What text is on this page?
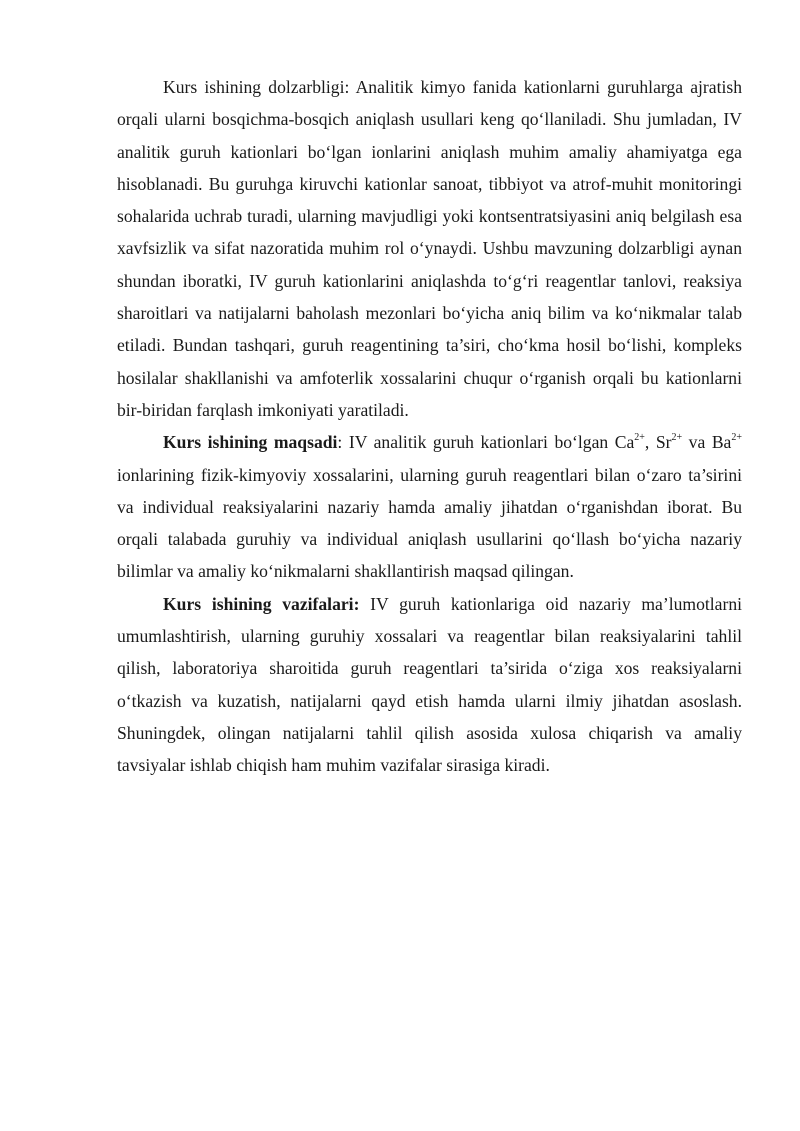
Kurs ishining dolzarbligi: Analitik kimyo fanida kationlarni guruhlarga ajratish orqali ularni bosqichma-bosqich aniqlash usullari keng qo‘llaniladi. Shu jumladan, IV analitik guruh kationlari bo‘lgan ionlarini aniqlash muhim amaliy ahamiyatga ega hisoblanadi. Bu guruhga kiruvchi kationlar sanoat, tibbiyot va atrof-muhit monitoringi sohalarida uchrab turadi, ularning mavjudligi yoki kontsentratsiyasini aniq belgilash esa xavfsizlik va sifat nazoratida muhim rol o‘ynaydi. Ushbu mavzuning dolzarbligi aynan shundan iboratki, IV guruh kationlarini aniqlashda to‘g‘ri reagentlar tanlovi, reaksiya sharoitlari va natijalarni baholash mezonlari bo‘yicha aniq bilim va ko‘nikmalar talab etiladi. Bundan tashqari, guruh reagentining ta’siri, cho‘kma hosil bo‘lishi, kompleks hosilalar shakllanishi va amfoterlik xossalarini chuqur o‘rganish orqali bu kationlarni bir-biridan farqlash imkoniyati yaratiladi.

Kurs ishining maqsadi: IV analitik guruh kationlari bo‘lgan $Ca^{2+}$, $Sr^{2+}$ va $Ba^{2+}$ ionlarining fizik-kimyoviy xossalarini, ularning guruh reagentlari bilan o‘zaro ta’sirini va individual reaksiyalarini nazariy hamda amaliy jihatdan o‘rganishdan iborat. Bu orqali talabada guruhiy va individual aniqlash usullarini qo‘llash bo‘yicha nazariy bilimlar va amaliy ko‘nikmalarni shakllantirish maqsad qilingan.

Kurs ishining vazifalari: IV guruh kationlariga oid nazariy ma’lumotlarni umumlashtirish, ularning guruhiy xossalari va reagentlar bilan reaksiyalarini tahlil qilish, laboratoriya sharoitida guruh reagentlari ta’sirida o‘ziga xos reaksiyalarni o‘tkazish va kuzatish, natijalarni qayd etish hamda ularni ilmiy jihatdan asoslash. Shuningdek, olingan natijalarni tahlil qilish asosida xulosa chiqarish va amaliy tavsiyalar ishlab chiqish ham muhim vazifalar sirasiga kiradi.
